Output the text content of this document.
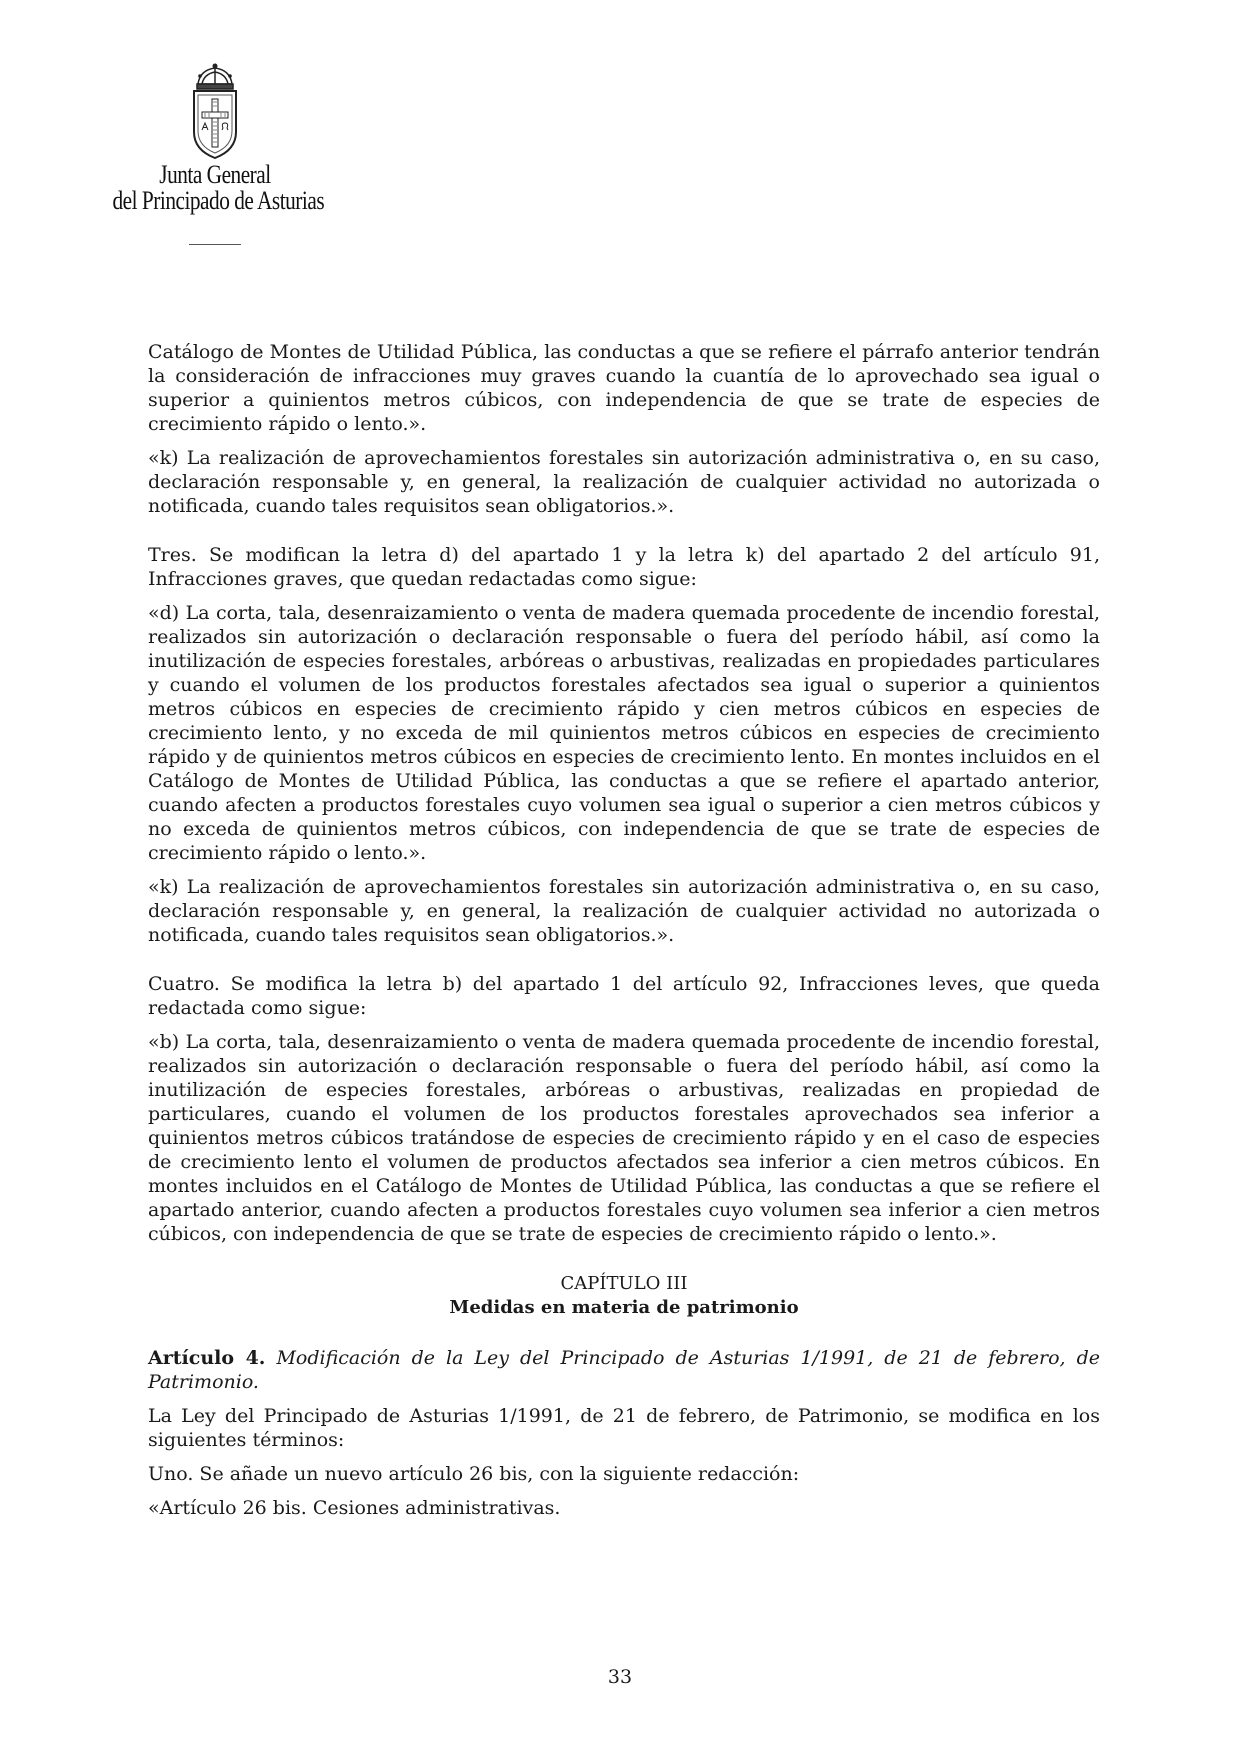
Junta General
del Principado de Asturias

Catálogo de Montes de Utilidad Pública, las conductas a que se refiere el párrafo anterior tendrán la consideración de infracciones muy graves cuando la cuantía de lo aprovechado sea igual o superior a quinientos metros cúbicos, con independencia de que se trate de especies de crecimiento rápido o lento.».

«k) La realización de aprovechamientos forestales sin autorización administrativa o, en su caso, declaración responsable y, en general, la realización de cualquier actividad no autorizada o notificada, cuando tales requisitos sean obligatorios.».

Tres. Se modifican la letra d) del apartado 1 y la letra k) del apartado 2 del artículo 91, Infracciones graves, que quedan redactadas como sigue:

«d) La corta, tala, desenraizamiento o venta de madera quemada procedente de incendio forestal, realizados sin autorización o declaración responsable o fuera del período hábil, así como la inutilización de especies forestales, arbóreas o arbustivas, realizadas en propiedades particulares y cuando el volumen de los productos forestales afectados sea igual o superior a quinientos metros cúbicos en especies de crecimiento rápido y cien metros cúbicos en especies de crecimiento lento, y no exceda de mil quinientos metros cúbicos en especies de crecimiento rápido y de quinientos metros cúbicos en especies de crecimiento lento. En montes incluidos en el Catálogo de Montes de Utilidad Pública, las conductas a que se refiere el apartado anterior, cuando afecten a productos forestales cuyo volumen sea igual o superior a cien metros cúbicos y no exceda de quinientos metros cúbicos, con independencia de que se trate de especies de crecimiento rápido o lento.».

«k) La realización de aprovechamientos forestales sin autorización administrativa o, en su caso, declaración responsable y, en general, la realización de cualquier actividad no autorizada o notificada, cuando tales requisitos sean obligatorios.».

Cuatro. Se modifica la letra b) del apartado 1 del artículo 92, Infracciones leves, que queda redactada como sigue:

«b) La corta, tala, desenraizamiento o venta de madera quemada procedente de incendio forestal, realizados sin autorización o declaración responsable o fuera del período hábil, así como la inutilización de especies forestales, arbóreas o arbustivas, realizadas en propiedad de particulares, cuando el volumen de los productos forestales aprovechados sea inferior a quinientos metros cúbicos tratándose de especies de crecimiento rápido y en el caso de especies de crecimiento lento el volumen de productos afectados sea inferior a cien metros cúbicos. En montes incluidos en el Catálogo de Montes de Utilidad Pública, las conductas a que se refiere el apartado anterior, cuando afecten a productos forestales cuyo volumen sea inferior a cien metros cúbicos, con independencia de que se trate de especies de crecimiento rápido o lento.».

CAPÍTULO III

Medidas en materia de patrimonio

Artículo 4. Modificación de la Ley del Principado de Asturias 1/1991, de 21 de febrero, de Patrimonio.

La Ley del Principado de Asturias 1/1991, de 21 de febrero, de Patrimonio, se modifica en los siguientes términos:

Uno. Se añade un nuevo artículo 26 bis, con la siguiente redacción:

«Artículo 26 bis. Cesiones administrativas.

33
